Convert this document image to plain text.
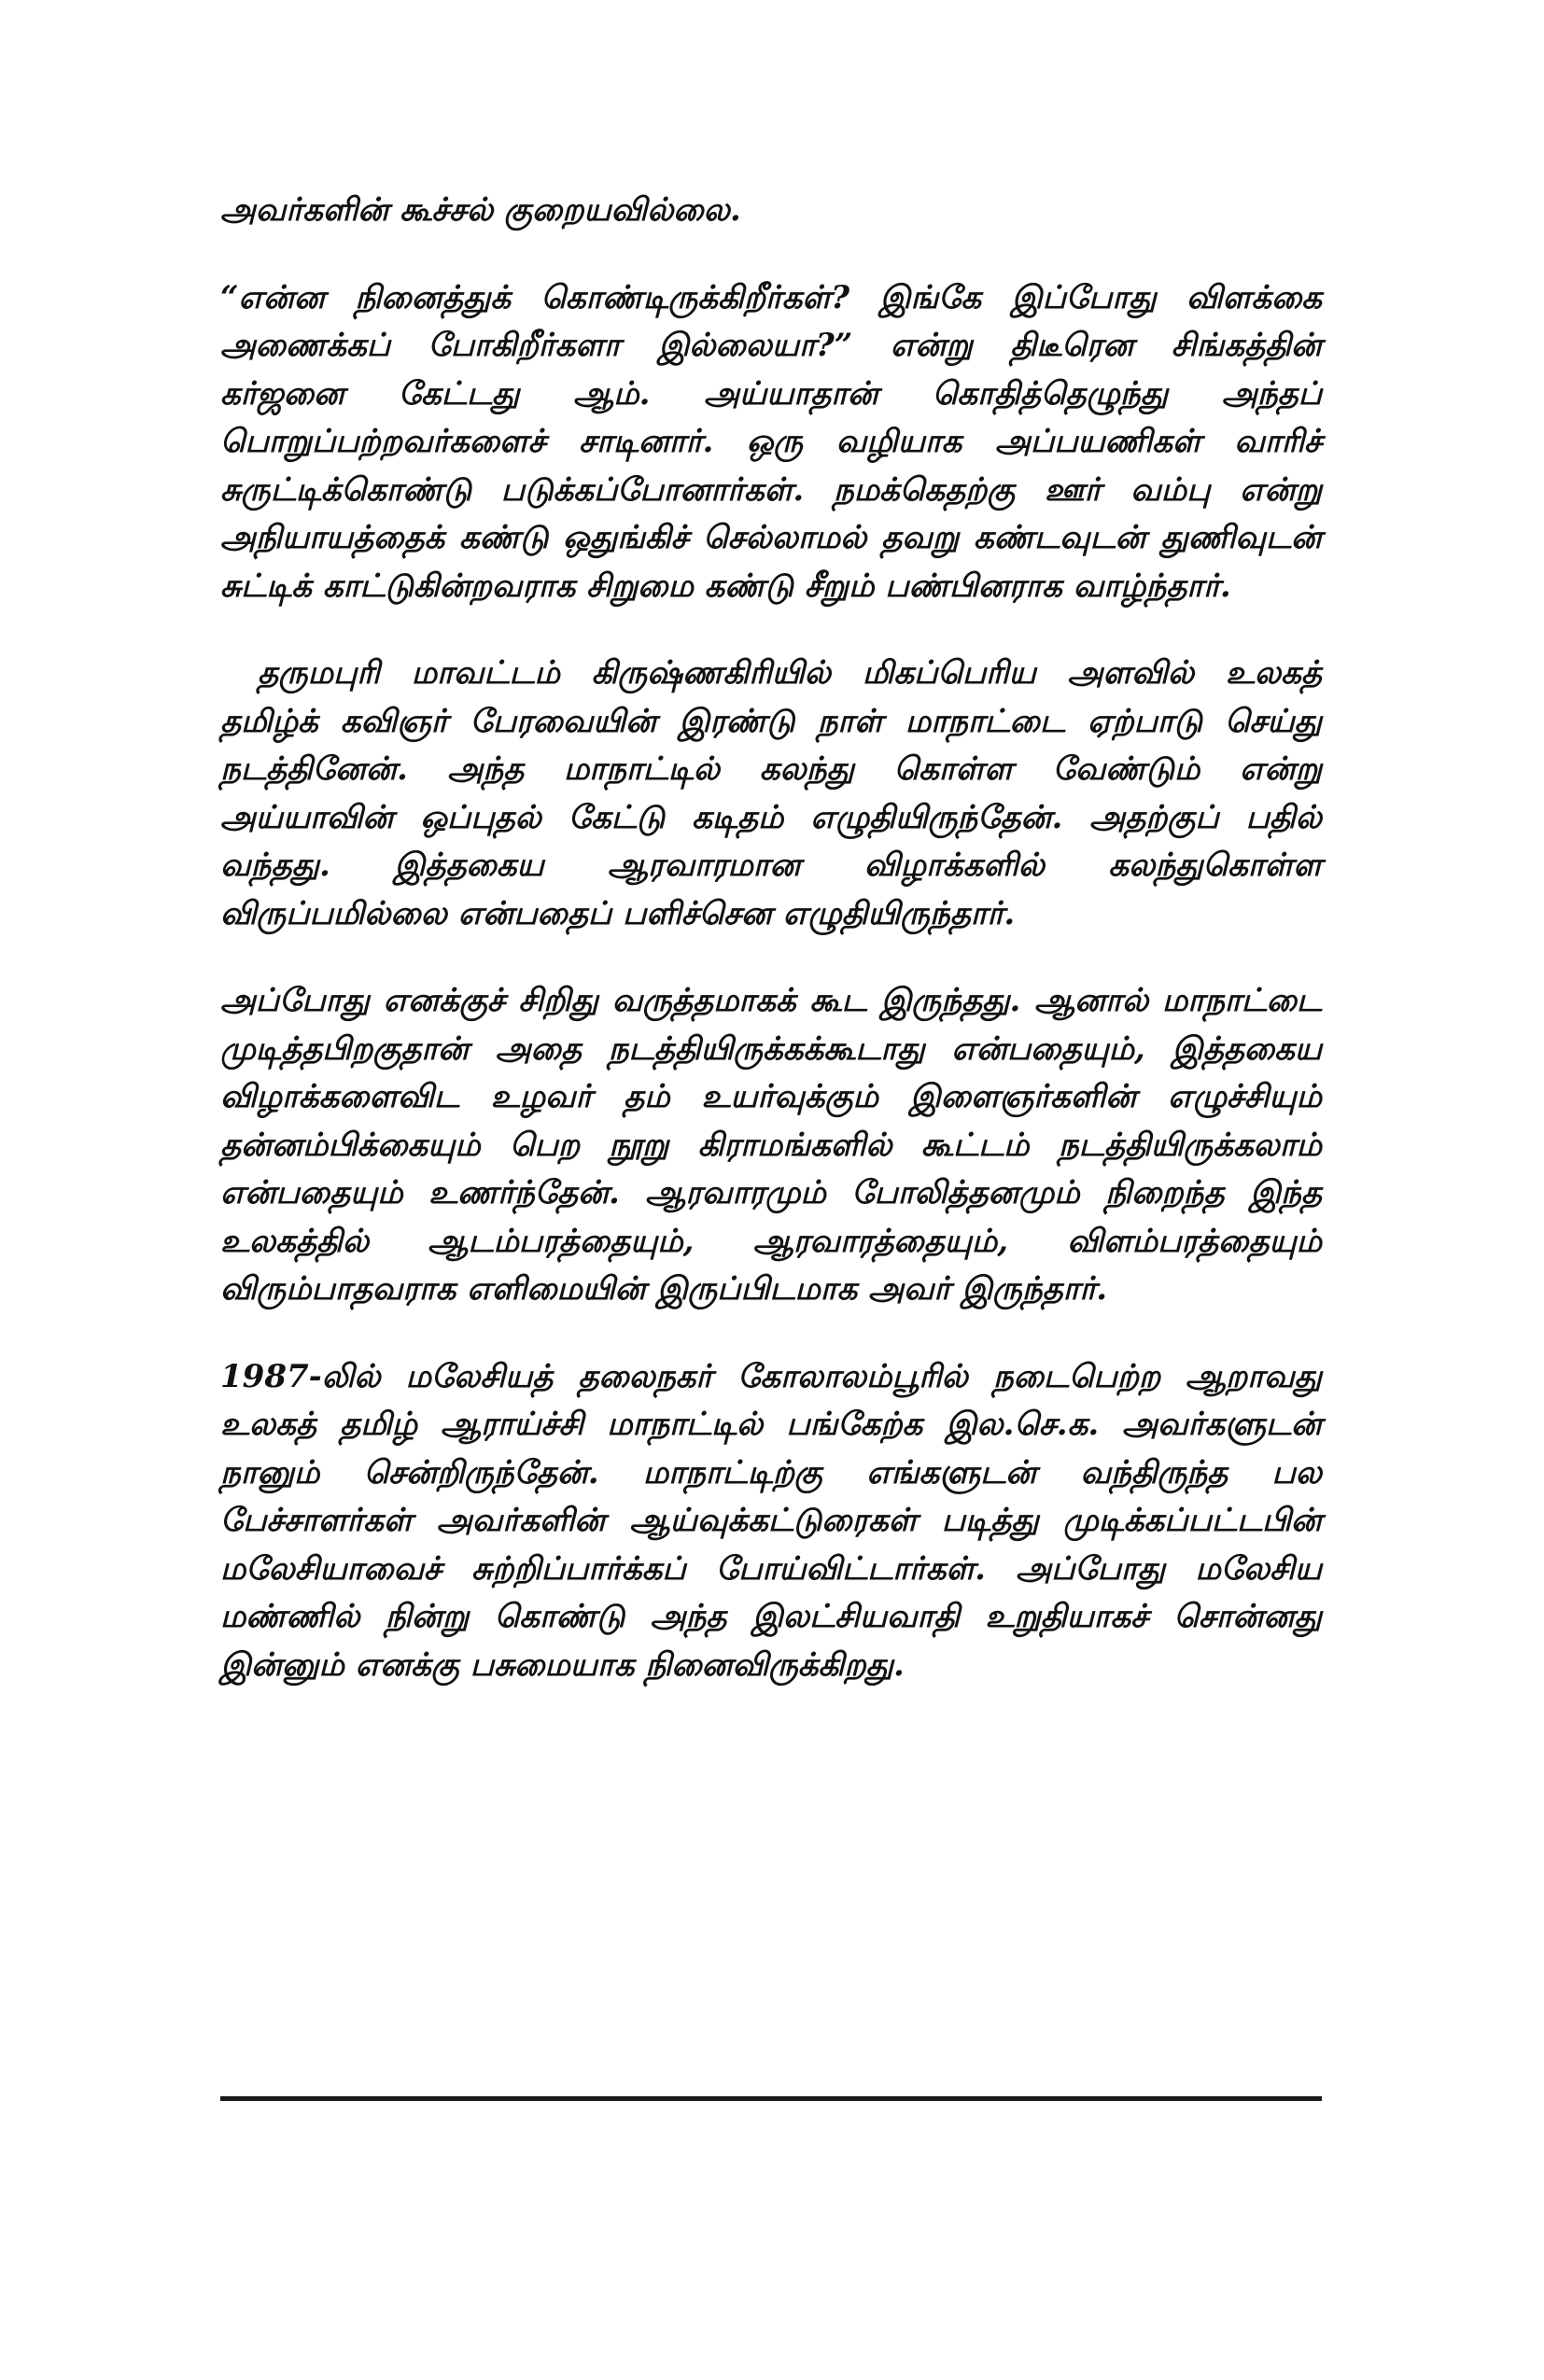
அவர்களின் கூச்சல் குறையவில்லை.

“என்ன நினைத்துக் கொண்டிருக்கிறீர்கள்? இங்கே இப்போது விளக்கை அணைக்கப் போகிறீர்களா இல்லையா?” என்று திடீரென சிங்கத்தின் கர்ஜனை கேட்டது ஆம். அய்யாதான் கொதித்தெழுந்து அந்தப் பொறுப்பற்றவர்களைச் சாடினார். ஒரு வழியாக அப்பயணிகள் வாரிச் சுருட்டிக்கொண்டு படுக்கப்போனார்கள். நமக்கெதற்கு ஊர் வம்பு என்று அநியாயத்தைக் கண்டு ஒதுங்கிச் செல்லாமல் தவறு கண்டவுடன் துணிவுடன் சுட்டிக் காட்டுகின்றவராக சிறுமை கண்டு சீறும் பண்பினராக வாழ்ந்தார்.

தருமபுரி மாவட்டம் கிருஷ்ணகிரியில் மிகப்பெரிய அளவில் உலகத் தமிழ்க் கவிஞர் பேரவையின் இரண்டு நாள் மாநாட்டை ஏற்பாடு செய்து நடத்தினேன். அந்த மாநாட்டில் கலந்து கொள்ள வேண்டும் என்று அய்யாவின் ஒப்புதல் கேட்டு கடிதம் எழுதியிருந்தேன். அதற்குப் பதில் வந்தது. இத்தகைய ஆரவாரமான விழாக்களில் கலந்துகொள்ள விருப்பமில்லை என்பதைப் பளிச்சென எழுதியிருந்தார்.

அப்போது எனக்குச் சிறிது வருத்தமாகக் கூட இருந்தது. ஆனால் மாநாட்டை முடித்தபிறகுதான் அதை நடத்தியிருக்கக்கூடாது என்பதையும், இத்தகைய விழாக்களைவிட உழவர் தம் உயர்வுக்கும் இளைஞர்களின் எழுச்சியும் தன்னம்பிக்கையும் பெற நூறு கிராமங்களில் கூட்டம் நடத்தியிருக்கலாம் என்பதையும் உணர்ந்தேன். ஆரவாரமும் போலித்தனமும் நிறைந்த இந்த உலகத்தில் ஆடம்பரத்தையும், ஆரவாரத்தையும், விளம்பரத்தையும் விரும்பாதவராக எளிமையின் இருப்பிடமாக அவர் இருந்தார்.

1987-லில் மலேசியத் தலைநகர் கோலாலம்பூரில் நடைபெற்ற ஆறாவது உலகத் தமிழ் ஆராய்ச்சி மாநாட்டில் பங்கேற்க இல.செ.க. அவர்களுடன் நானும் சென்றிருந்தேன். மாநாட்டிற்கு எங்களுடன் வந்திருந்த பல பேச்சாளர்கள் அவர்களின் ஆய்வுக்கட்டுரைகள் படித்து முடிக்கப்பட்டபின் மலேசியாவைச் சுற்றிப்பார்க்கப் போய்விட்டார்கள். அப்போது மலேசிய மண்ணில் நின்று கொண்டு அந்த இலட்சியவாதி உறுதியாகச் சொன்னது இன்னும் எனக்கு பசுமையாக நினைவிருக்கிறது.
